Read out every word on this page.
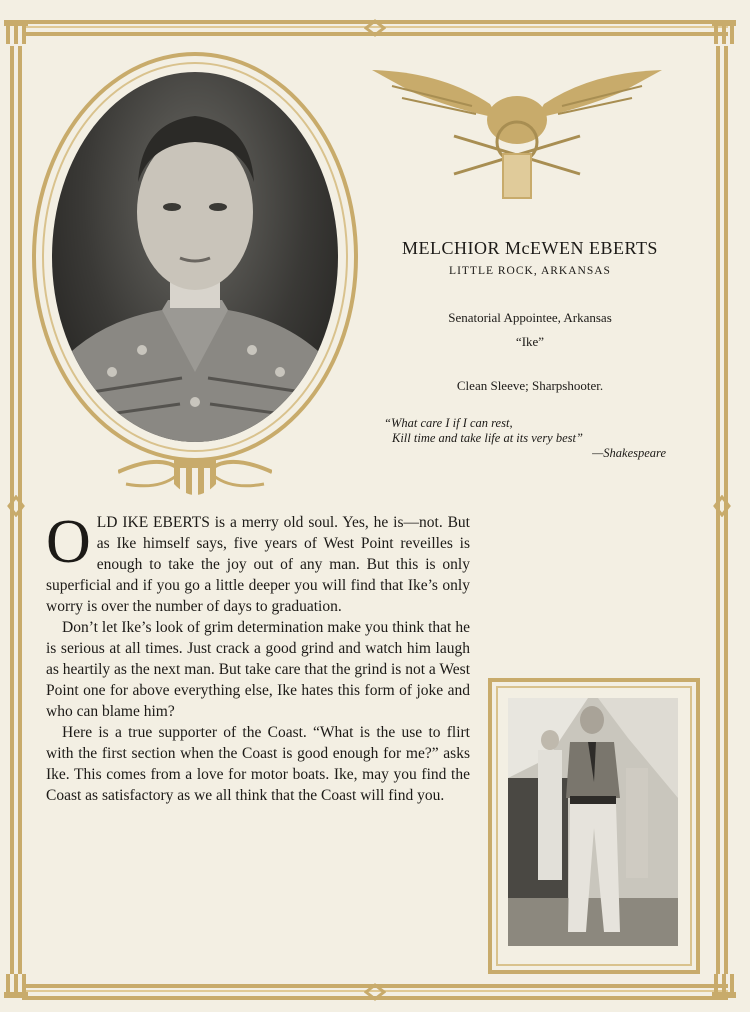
MELCHIOR McEWEN EBERTS
LITTLE ROCK, ARKANSAS
Senatorial Appointee, Arkansas
“Ike”
Clean Sleeve; Sharpshooter.
“What care I if I can rest,
Kill time and take life at its very best”
—Shakespeare

OLD IKE EBERTS is a merry old soul. Yes, he is—not. But as Ike himself says, five years of West Point reveilles is enough to take the joy out of any man. But this is only superficial and if you go a little deeper you will find that Ike’s only worry is over the number of days to graduation.

Don’t let Ike’s look of grim determination make you think that he is serious at all times. Just crack a good grind and watch him laugh as heartily as the next man. But take care that the grind is not a West Point one for above everything else, Ike hates this form of joke and who can blame him?

Here is a true supporter of the Coast. “What is the use to flirt with the first section when the Coast is good enough for me?” asks Ike. This comes from a love for motor boats. Ike, may you find the Coast as satisfactory as we all think that the Coast will find you.
